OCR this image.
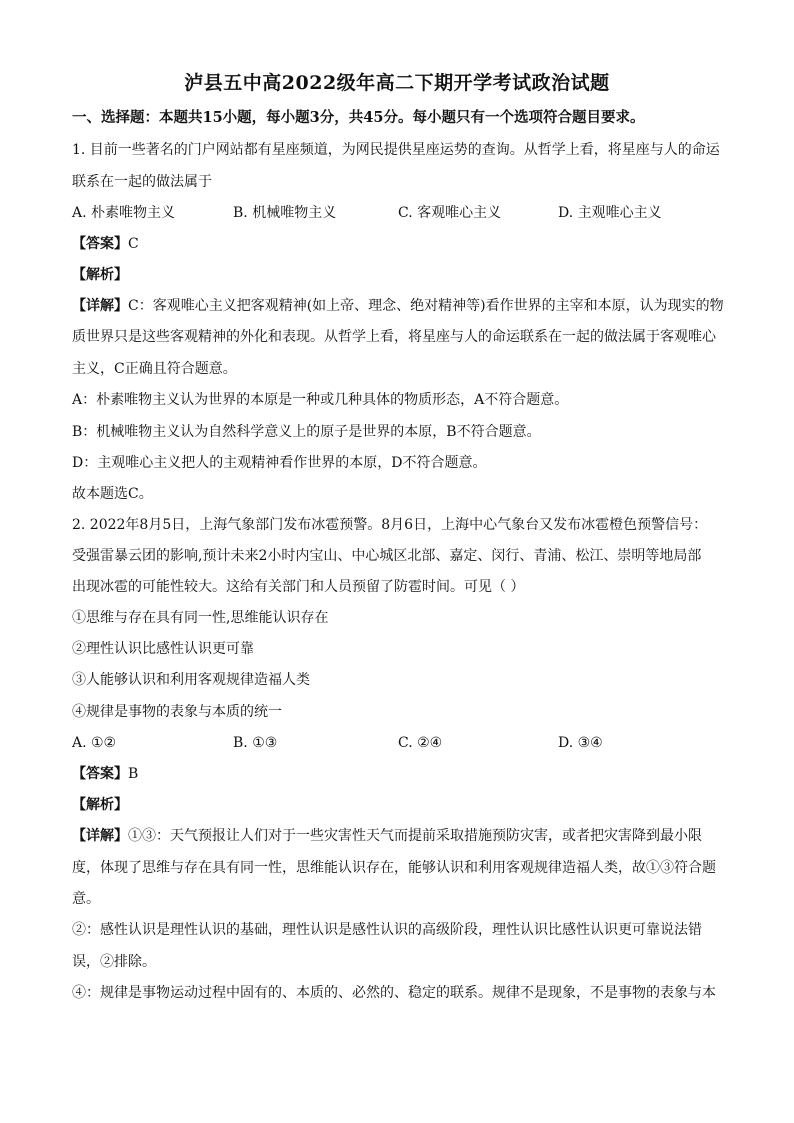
泸县五中高2022级年高二下期开学考试政治试题
一、选择题：本题共15小题，每小题3分，共45分。每小题只有一个选项符合题目要求。
1. 目前一些著名的门户网站都有星座频道，为网民提供星座运势的查询。从哲学上看，将星座与人的命运
联系在一起的做法属于
A. 朴素唯物主义	B. 机械唯物主义	C. 客观唯心主义	D. 主观唯心主义
【答案】C
【解析】
【详解】C：客观唯心主义把客观精神(如上帝、理念、绝对精神等)看作世界的主宰和本原，认为现实的物
质世界只是这些客观精神的外化和表现。从哲学上看，将星座与人的命运联系在一起的做法属于客观唯心
主义，C正确且符合题意。
A：朴素唯物主义认为世界的本原是一种或几种具体的物质形态，A不符合题意。
B：机械唯物主义认为自然科学意义上的原子是世界的本原，B不符合题意。
D：主观唯心主义把人的主观精神看作世界的本原，D不符合题意。
故本题选C。
2. 2022年8月5日，上海气象部门发布冰雹预警。8月6日，上海中心气象台又发布冰雹橙色预警信号：
受强雷暴云团的影响,预计未来2小时内宝山、中心城区北部、嘉定、闵行、青浦、松江、崇明等地局部
出现冰雹的可能性较大。这给有关部门和人员预留了防雹时间。可见（ ）
①思维与存在具有同一性,思维能认识存在
②理性认识比感性认识更可靠
③人能够认识和利用客观规律造福人类
④规律是事物的表象与本质的统一
A. ①②	B. ①③	C. ②④	D. ③④
【答案】B
【解析】
【详解】①③：天气预报让人们对于一些灾害性天气而提前采取措施预防灾害，或者把灾害降到最小限
度，体现了思维与存在具有同一性，思维能认识存在，能够认识和利用客观规律造福人类，故①③符合题
意。
②：感性认识是理性认识的基础，理性认识是感性认识的高级阶段，理性认识比感性认识更可靠说法错
误，②排除。
④：规律是事物运动过程中固有的、本质的、必然的、稳定的联系。规律不是现象，不是事物的表象与本
